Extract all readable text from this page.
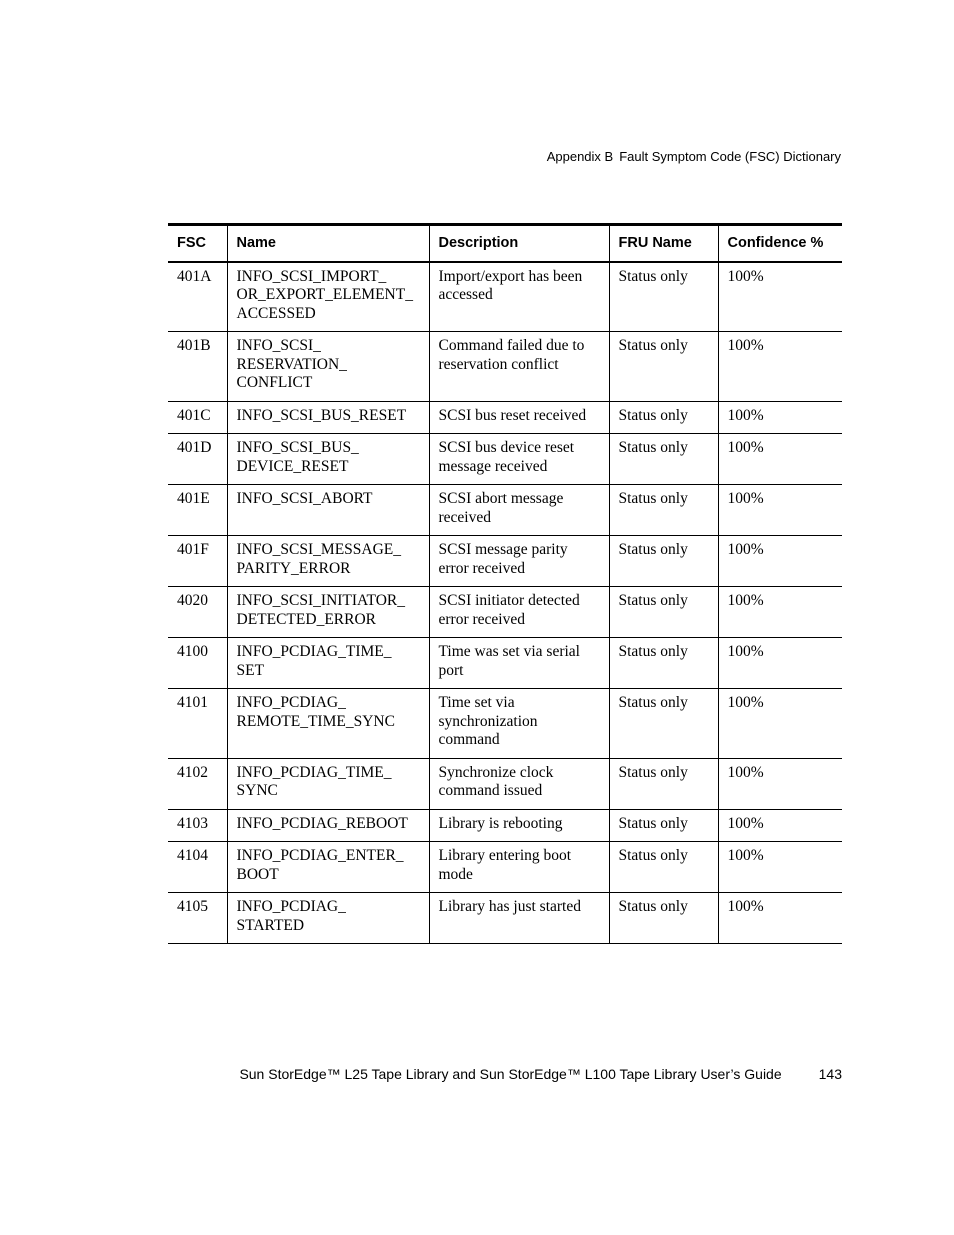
Appendix B Fault Symptom Code (FSC) Dictionary
FSC	Name	Description	FRU Name	Confidence %
401A	INFO_SCSI_IMPORT_
OR_EXPORT_ELEMENT_
ACCESSED	Import/export has been accessed	Status only	100%
401B	INFO_SCSI_
RESERVATION_
CONFLICT	Command failed due to reservation conflict	Status only	100%
401C	INFO_SCSI_BUS_RESET	SCSI bus reset received	Status only	100%
401D	INFO_SCSI_BUS_
DEVICE_RESET	SCSI bus device reset message received	Status only	100%
401E	INFO_SCSI_ABORT	SCSI abort message received	Status only	100%
401F	INFO_SCSI_MESSAGE_
PARITY_ERROR	SCSI message parity error received	Status only	100%
4020	INFO_SCSI_INITIATOR_
DETECTED_ERROR	SCSI initiator detected error received	Status only	100%
4100	INFO_PCDIAG_TIME_
SET	Time was set via serial port	Status only	100%
4101	INFO_PCDIAG_
REMOTE_TIME_SYNC	Time set via synchronization command	Status only	100%
4102	INFO_PCDIAG_TIME_
SYNC	Synchronize clock command issued	Status only	100%
4103	INFO_PCDIAG_REBOOT	Library is rebooting	Status only	100%
4104	INFO_PCDIAG_ENTER_
BOOT	Library entering boot mode	Status only	100%
4105	INFO_PCDIAG_
STARTED	Library has just started	Status only	100%
Sun StorEdge™ L25 Tape Library and Sun StorEdge™ L100 Tape Library User’s Guide	143
